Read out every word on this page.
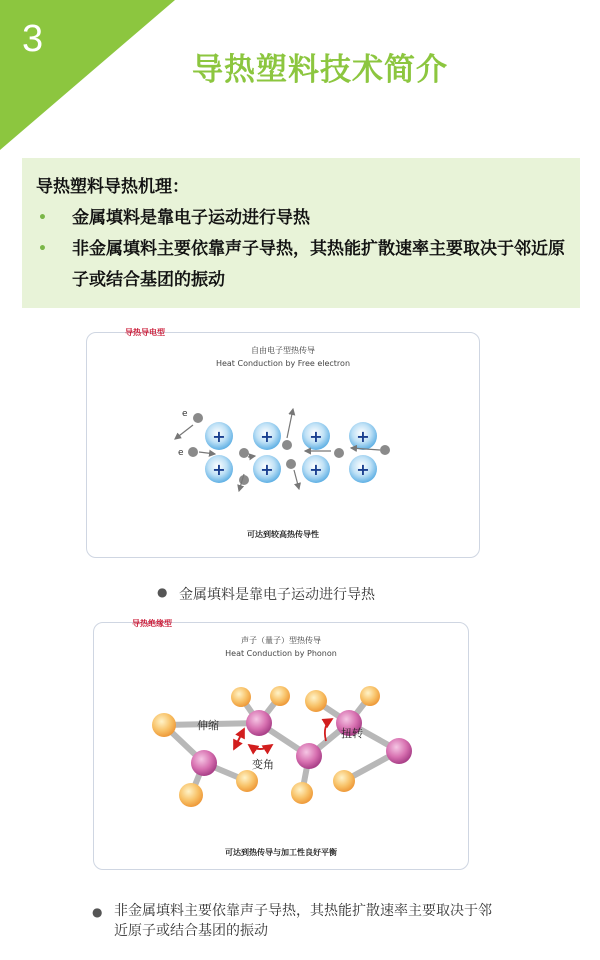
3
导热塑料技术简介
导热塑料导热机理：
•	金属填料是靠电子运动进行导热
•	非金属填料主要依靠声子导热，其热能扩散速率主要取决于邻近原子或结合基团的振动
导热导电型
自由电子型热传导
Heat Conduction by Free electron
+ + + +
+ + + +
e
e
可达到较高热传导性
● 金属填料是靠电子运动进行导热
导热绝缘型
声子（量子）型热传导
Heat Conduction by Phonon
伸缩
变角
扭转
可达到热传导与加工性良好平衡
● 非金属填料主要依靠声子导热，其热能扩散速率主要取决于邻近原子或结合基团的振动
